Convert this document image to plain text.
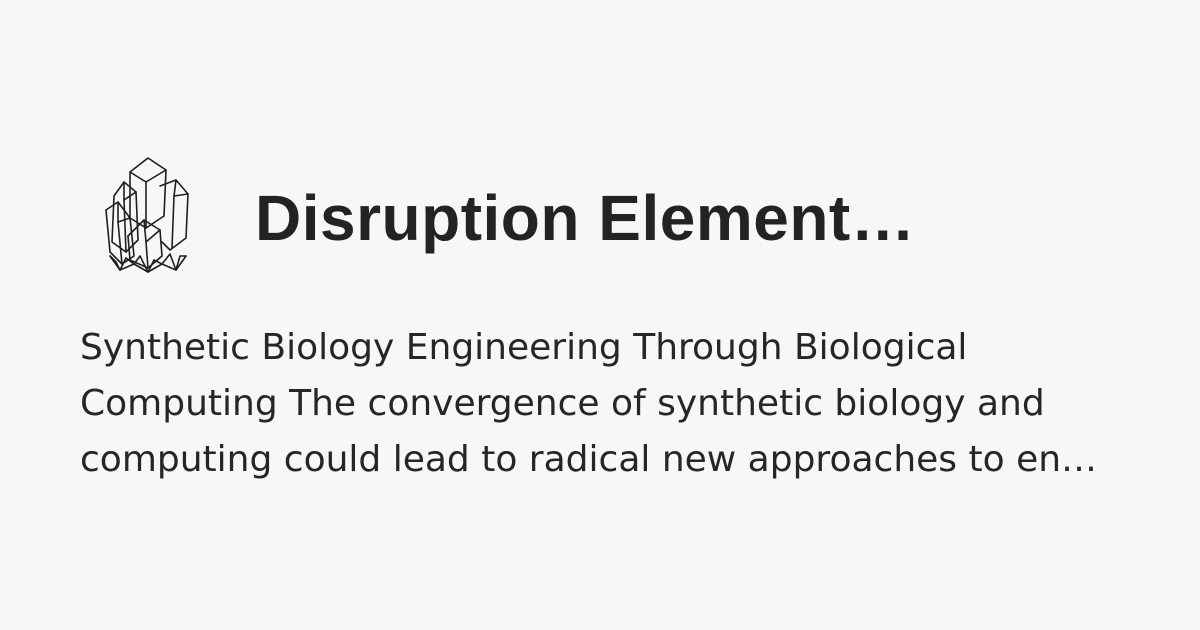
Disruption Element…

Synthetic Biology Engineering Through Biological Computing The convergence of synthetic biology and computing could lead to radical new approaches to en…
